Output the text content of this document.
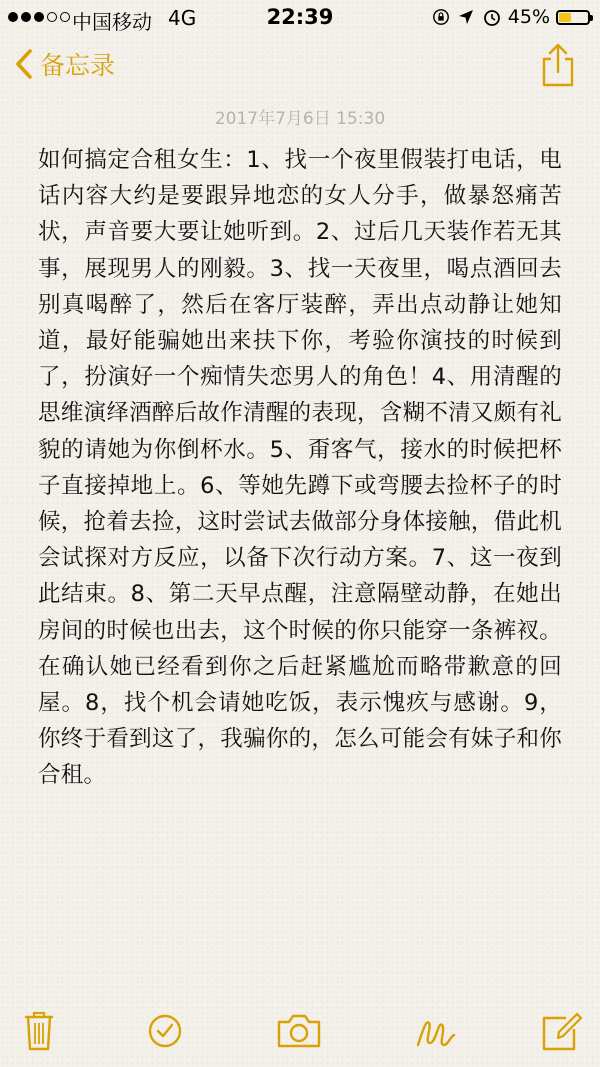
中国移动 4G	22:39	45%
备忘录
2017年7月6日 15:30
如何搞定合租女生：1、找一个夜里假装打电话，电话内容大约是要跟异地恋的女人分手，做暴怒痛苦状，声音要大要让她听到。2、过后几天装作若无其事，展现男人的刚毅。3、找一天夜里，喝点酒回去别真喝醉了，然后在客厅装醉，弄出点动静让她知道，最好能骗她出来扶下你，考验你演技的时候到了，扮演好一个痴情失恋男人的角色！4、用清醒的思维演绎酒醉后故作清醒的表现，含糊不清又颇有礼貌的请她为你倒杯水。5、甭客气，接水的时候把杯子直接掉地上。6、等她先蹲下或弯腰去捡杯子的时候，抢着去捡，这时尝试去做部分身体接触，借此机会试探对方反应，以备下次行动方案。7、这一夜到此结束。8、第二天早点醒，注意隔壁动静，在她出房间的时候也出去，这个时候的你只能穿一条裤衩。在确认她已经看到你之后赶紧尴尬而略带歉意的回屋。8，找个机会请她吃饭，表示愧疚与感谢。9，你终于看到这了，我骗你的，怎么可能会有妹子和你合租。
